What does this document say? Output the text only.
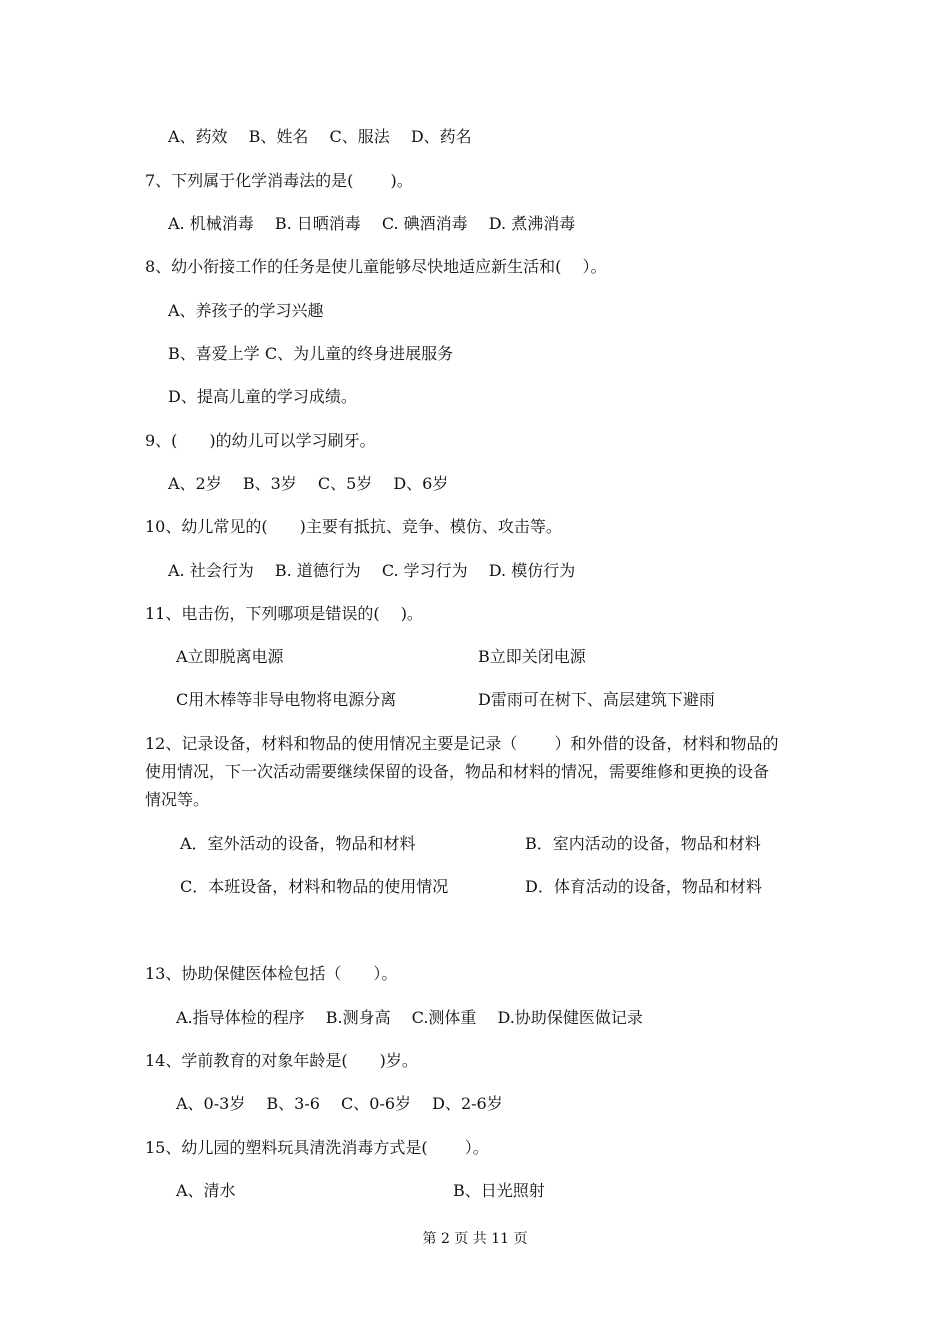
A、药效　 B、姓名　 C、服法　 D、药名
7、下列属于化学消毒法的是(　　 )。
A. 机械消毒　 B. 日晒消毒　 C. 碘酒消毒　 D. 煮沸消毒
8、幼小衔接工作的任务是使儿童能够尽快地适应新生活和(　 ）。
A、养孩子的学习兴趣
B、喜爱上学 C、为儿童的终身进展服务
D、提高儿童的学习成绩。
9、(　　)的幼儿可以学习刷牙。
A、2岁　 B、3岁　 C、5岁　 D、6岁
10、幼儿常见的(　　)主要有抵抗、竞争、模仿、攻击等。
A. 社会行为　 B. 道德行为　 C. 学习行为　 D. 模仿行为
11、电击伤，下列哪项是错误的(　 )。
A立即脱离电源	B立即关闭电源
C用木棒等非导电物将电源分离	D雷雨可在树下、高层建筑下避雨
12、记录设备，材料和物品的使用情况主要是记录（　　 ）和外借的设备，材料和物品的
使用情况，下一次活动需要继续保留的设备，物品和材料的情况，需要维修和更换的设备
情况等。
A．室外活动的设备，物品和材料	B．室内活动的设备，物品和材料
C．本班设备，材料和物品的使用情况	D．体育活动的设备，物品和材料
13、协助保健医体检包括（　　）。
A.指导体检的程序　 B.测身高　 C.测体重　 D.协助保健医做记录
14、学前教育的对象年龄是(　　)岁。
A、0-3岁　 B、3-6　 C、0-6岁　 D、2-6岁
15、幼儿园的塑料玩具清洗消毒方式是(　　 ）。
A、清水	B、日光照射
第 2 页 共 11 页
